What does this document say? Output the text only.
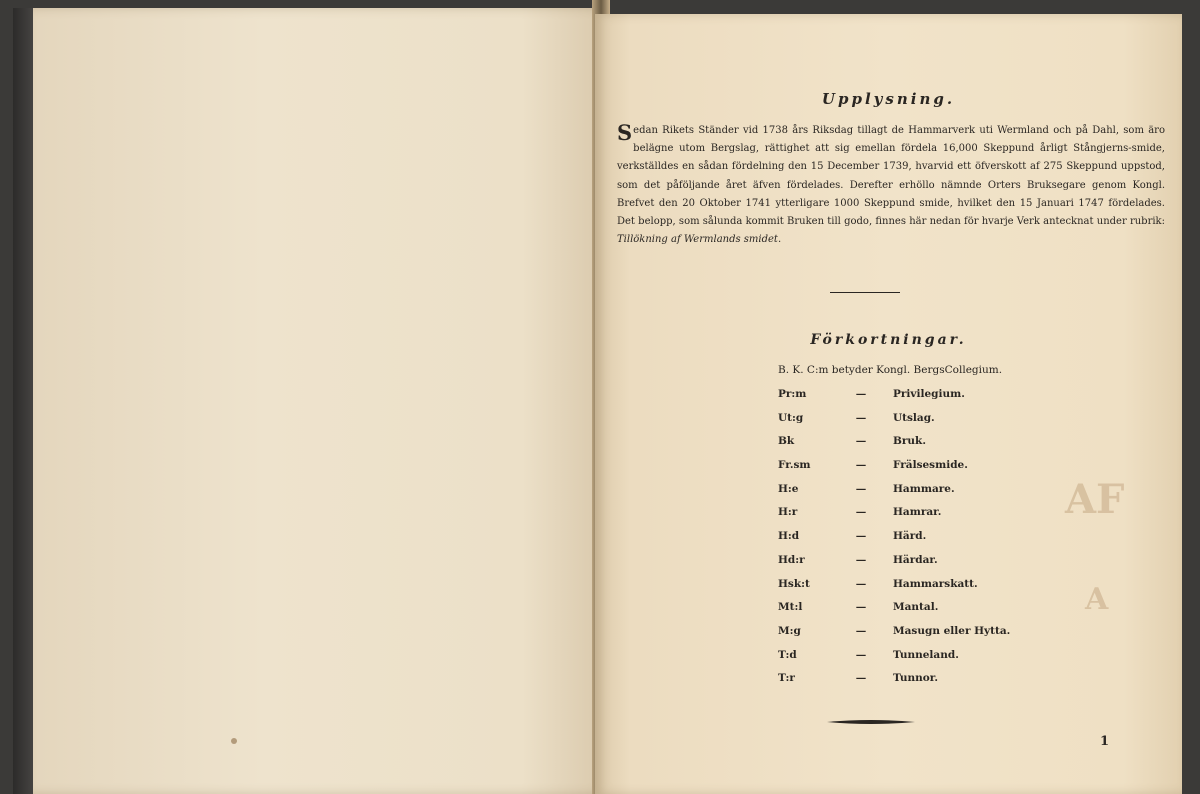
AF
A
Upplysning.
Sedan Rikets Ständer vid 1738 års Riksdag tillagt de Hammarverk uti Wermland och på Dahl, som äro belägne utom Bergslag, rättighet att sig emellan fördela 16,000 Skeppund årligt Stångjerns-smide, verkställdes en sådan fördelning den 15 December 1739, hvarvid ett öfverskott af 275 Skeppund uppstod, som det påföljande året äfven fördelades. Derefter erhöllo nämnde Orters Bruksegare genom Kongl. Brefvet den 20 Oktober 1741 ytterligare 1000 Skeppund smide, hvilket den 15 Januari 1747 fördelades. Det belopp, som sålunda kommit Bruken till godo, finnes här nedan för hvarje Verk antecknat under rubrik: Tillökning af Wermlands smidet.
Förkortningar.
B. K. C:m betyder Kongl. BergsCollegium.
Pr:m	—	Privilegium.
Ut:g	—	Utslag.
Bk	—	Bruk.
Fr.sm	—	Frälsesmide.
H:e	—	Hammare.
H:r	—	Hamrar.
H:d	—	Härd.
Hd:r	—	Härdar.
Hsk:t	—	Hammarskatt.
Mt:l	—	Mantal.
M:g	—	Masugn eller Hytta.
T:d	—	Tunneland.
T:r	—	Tunnor.
1
